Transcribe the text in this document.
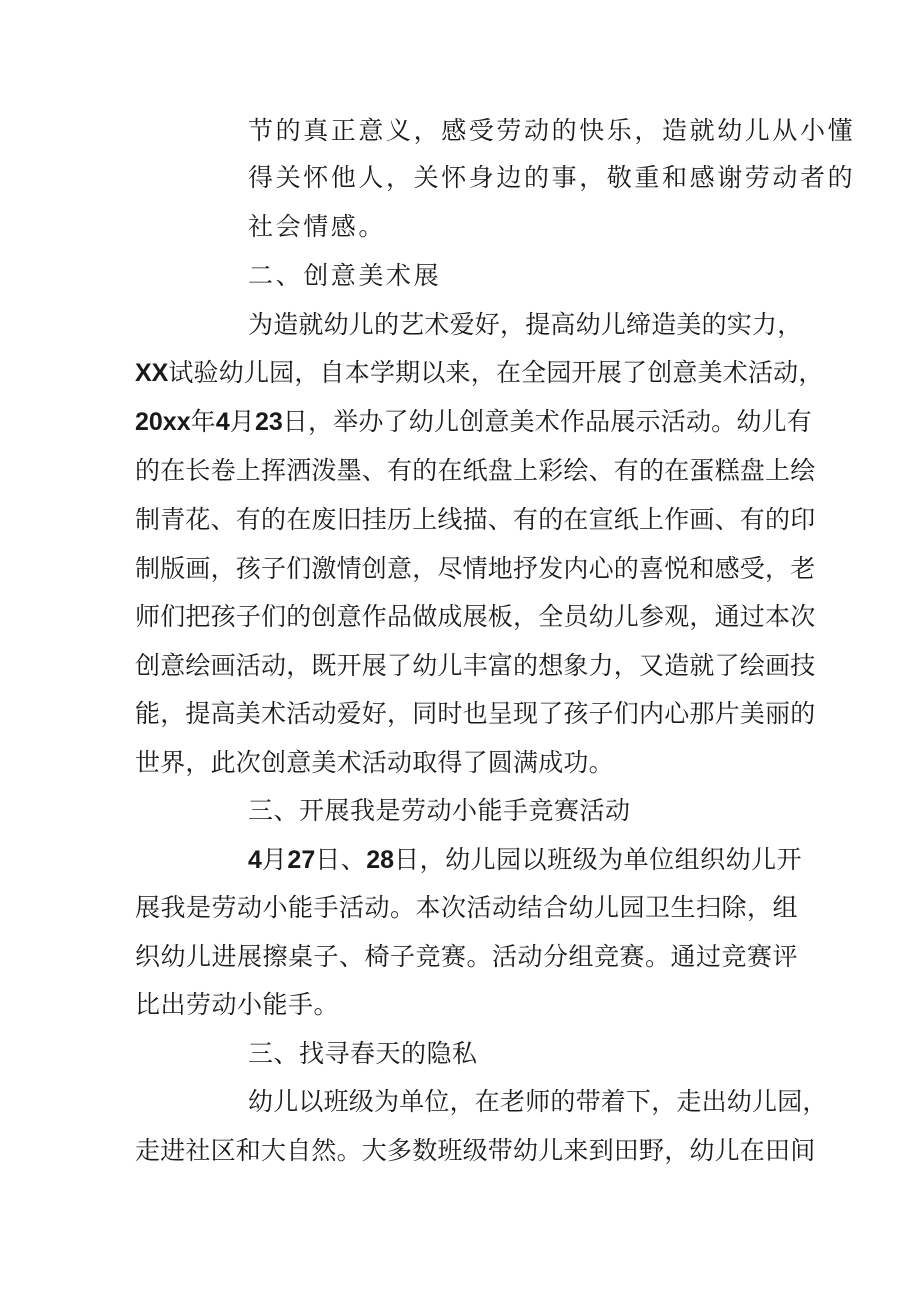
节的真正意义，感受劳动的快乐，造就幼儿从小懂
得关怀他人，关怀身边的事，敬重和感谢劳动者的
社会情感。
二、创意美术展
为造就幼儿的艺术爱好，提高幼儿缔造美的实力，
XX试验幼儿园，自本学期以来，在全园开展了创意美术活动，
20xx年4月23日，举办了幼儿创意美术作品展示活动。幼儿有
的在长卷上挥洒泼墨、有的在纸盘上彩绘、有的在蛋糕盘上绘
制青花、有的在废旧挂历上线描、有的在宣纸上作画、有的印
制版画，孩子们激情创意，尽情地抒发内心的喜悦和感受，老
师们把孩子们的创意作品做成展板，全员幼儿参观，通过本次
创意绘画活动，既开展了幼儿丰富的想象力，又造就了绘画技
能，提高美术活动爱好，同时也呈现了孩子们内心那片美丽的
世界，此次创意美术活动取得了圆满成功。
三、开展我是劳动小能手竞赛活动
4月27日、28日，幼儿园以班级为单位组织幼儿开
展我是劳动小能手活动。本次活动结合幼儿园卫生扫除，组
织幼儿进展擦桌子、椅子竞赛。活动分组竞赛。通过竞赛评
比出劳动小能手。
三、找寻春天的隐私
幼儿以班级为单位，在老师的带着下，走出幼儿园，
走进社区和大自然。大多数班级带幼儿来到田野，幼儿在田间
